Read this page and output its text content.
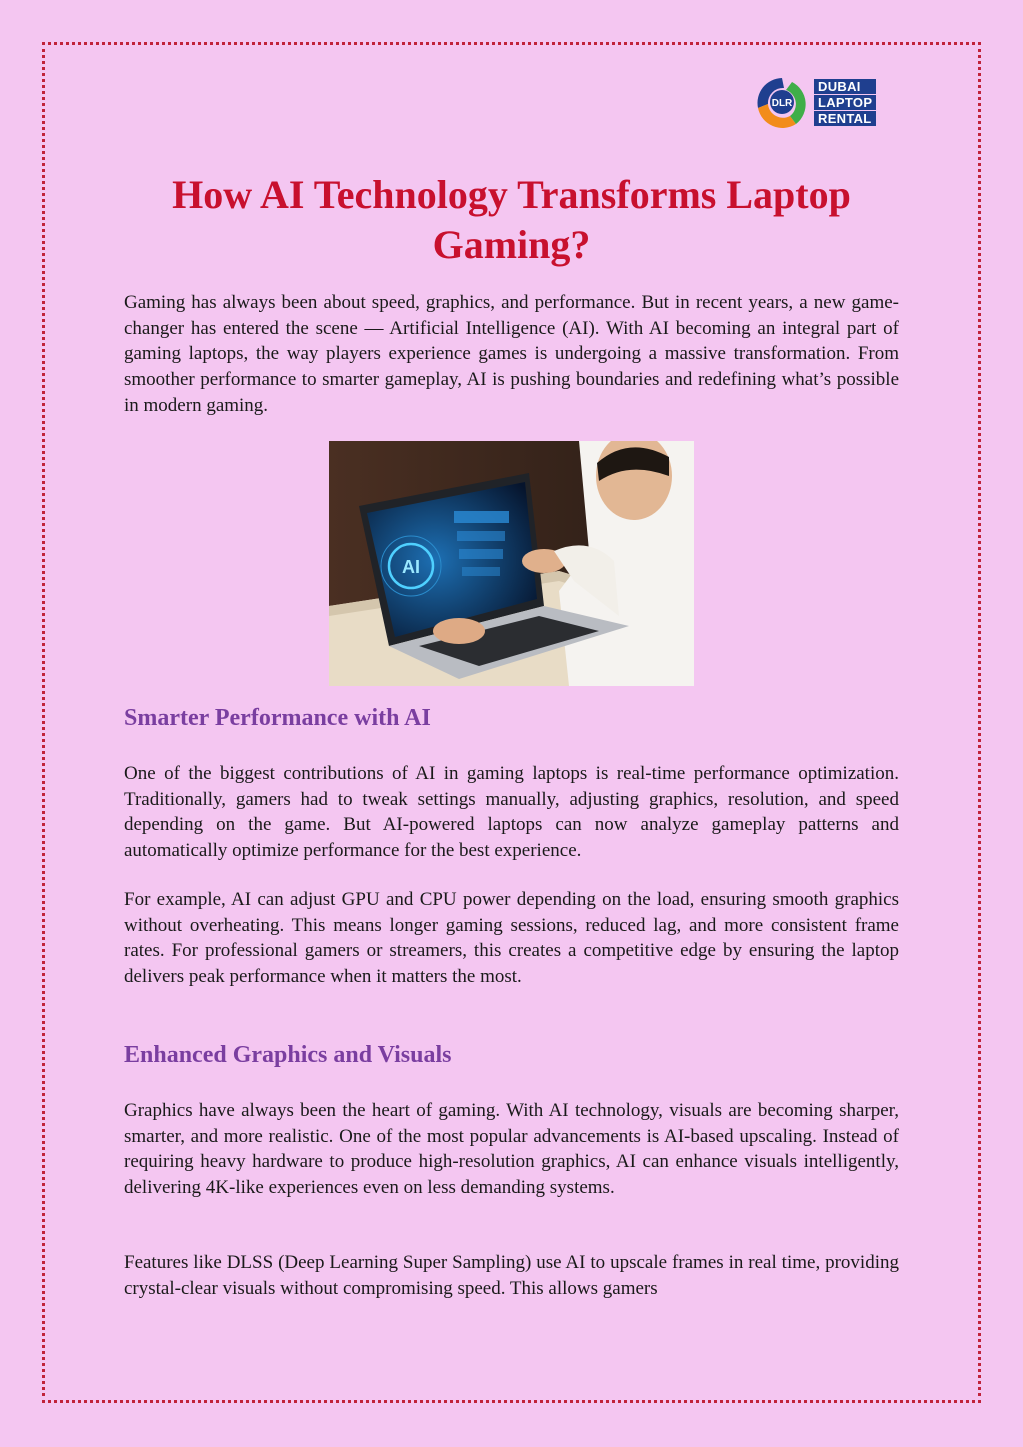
DLR
DUBAI
LAPTOP
RENTAL
How AI Technology Transforms Laptop Gaming?

Gaming has always been about speed, graphics, and performance. But in recent years, a new game-changer has entered the scene — Artificial Intelligence (AI). With AI becoming an integral part of gaming laptops, the way players experience games is undergoing a massive transformation. From smoother performance to smarter gameplay, AI is pushing boundaries and redefining what’s possible in modern gaming.

AI
Smarter Performance with AI

One of the biggest contributions of AI in gaming laptops is real-time performance optimization. Traditionally, gamers had to tweak settings manually, adjusting graphics, resolution, and speed depending on the game. But AI-powered laptops can now analyze gameplay patterns and automatically optimize performance for the best experience.

For example, AI can adjust GPU and CPU power depending on the load, ensuring smooth graphics without overheating. This means longer gaming sessions, reduced lag, and more consistent frame rates. For professional gamers or streamers, this creates a competitive edge by ensuring the laptop delivers peak performance when it matters the most.

Enhanced Graphics and Visuals

Graphics have always been the heart of gaming. With AI technology, visuals are becoming sharper, smarter, and more realistic. One of the most popular advancements is AI-based upscaling. Instead of requiring heavy hardware to produce high-resolution graphics, AI can enhance visuals intelligently, delivering 4K-like experiences even on less demanding systems.

Features like DLSS (Deep Learning Super Sampling) use AI to upscale frames in real time, providing crystal-clear visuals without compromising speed. This allows gamers
